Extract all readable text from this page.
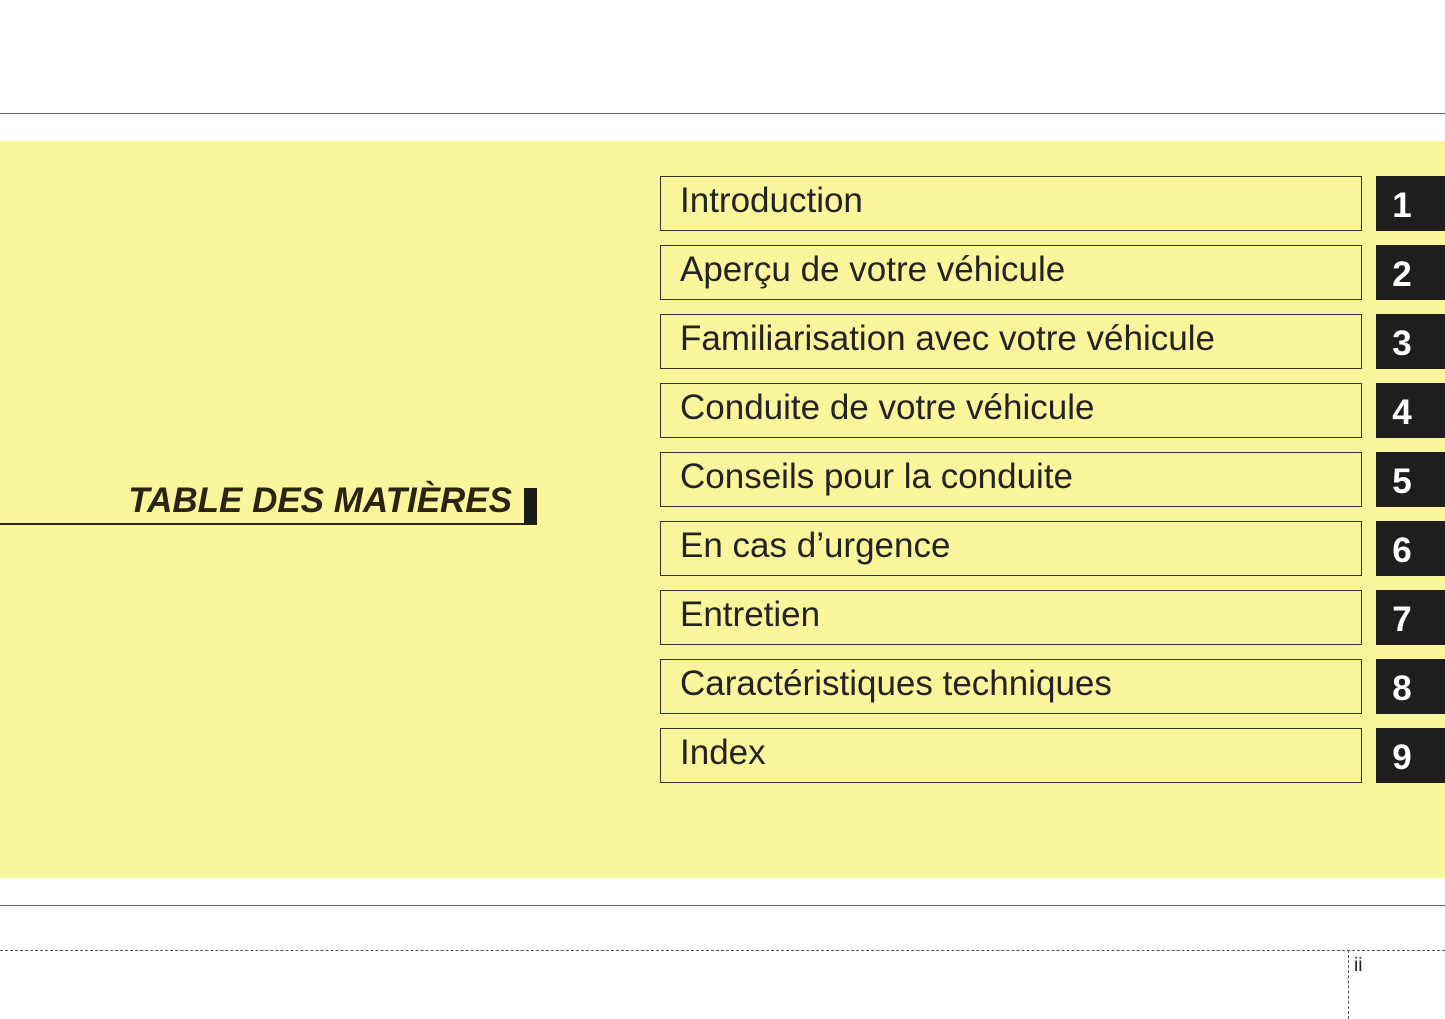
TABLE DES MATIÈRES
Introduction	1
Aperçu de votre véhicule	2
Familiarisation avec votre véhicule	3
Conduite de votre véhicule	4
Conseils pour la conduite	5
En cas d’urgence	6
Entretien	7
Caractéristiques techniques	8
Index	9
ii
